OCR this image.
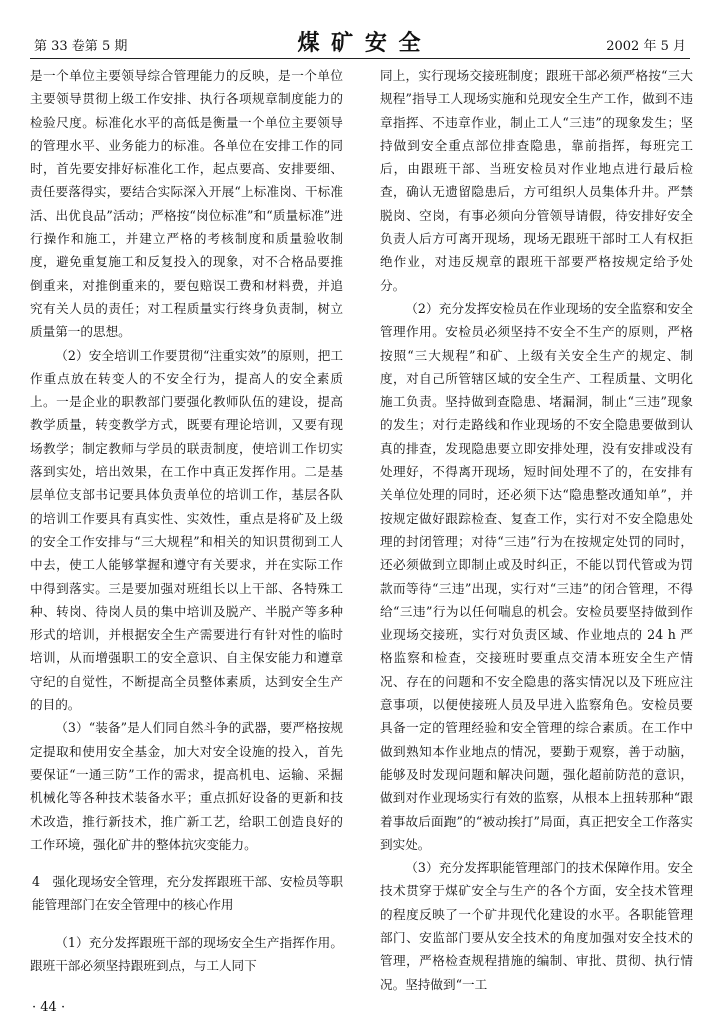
第 33 卷第 5 期	煤 矿 安 全	2002 年 5 月

是一个单位主要领导综合管理能力的反映，是一个单位主要领导贯彻上级工作安排、执行各项规章制度能力的检验尺度。标准化水平的高低是衡量一个单位主要领导的管理水平、业务能力的标准。各单位在安排工作的同时，首先要安排好标准化工作，起点要高、安排要细、责任要落得实，要结合实际深入开展“上标准岗、干标准活、出优良品”活动；严格按“岗位标准”和“质量标准”进行操作和施工，并建立严格的考核制度和质量验收制度，避免重复施工和反复投入的现象，对不合格品要推倒重来，对推倒重来的，要包赔误工费和材料费，并追究有关人员的责任；对工程质量实行终身负责制，树立质量第一的思想。

（2）安全培训工作要贯彻“注重实效”的原则，把工作重点放在转变人的不安全行为，提高人的安全素质上。一是企业的职教部门要强化教师队伍的建设，提高教学质量，转变教学方式，既要有理论培训，又要有现场教学；制定教师与学员的联责制度，使培训工作切实落到实处，培出效果，在工作中真正发挥作用。二是基层单位支部书记要具体负责单位的培训工作，基层各队的培训工作要具有真实性、实效性，重点是将矿及上级的安全工作安排与“三大规程”和相关的知识贯彻到工人中去，使工人能够掌握和遵守有关要求，并在实际工作中得到落实。三是要加强对班组长以上干部、各特殊工种、转岗、待岗人员的集中培训及脱产、半脱产等多种形式的培训，并根据安全生产需要进行有针对性的临时培训，从而增强职工的安全意识、自主保安能力和遵章守纪的自觉性，不断提高全员整体素质，达到安全生产的目的。

（3）“装备”是人们同自然斗争的武器，要严格按规定提取和使用安全基金，加大对安全设施的投入，首先要保证“一通三防”工作的需求，提高机电、运输、采掘机械化等各种技术装备水平；重点抓好设备的更新和技术改造，推行新技术，推广新工艺，给职工创造良好的工作环境，强化矿井的整体抗灾变能力。

4　强化现场安全管理，充分发挥跟班干部、安检员等职能管理部门在安全管理中的核心作用

（1）充分发挥跟班干部的现场安全生产指挥作用。跟班干部必须坚持跟班到点，与工人同下

同上，实行现场交接班制度；跟班干部必须严格按“三大规程”指导工人现场实施和兑现安全生产工作，做到不违章指挥、不违章作业，制止工人“三违”的现象发生；坚持做到安全重点部位排查隐患，靠前指挥，每班完工后，由跟班干部、当班安检员对作业地点进行最后检查，确认无遗留隐患后，方可组织人员集体升井。严禁脱岗、空岗，有事必须向分管领导请假，待安排好安全负责人后方可离开现场，现场无跟班干部时工人有权拒绝作业，对违反规章的跟班干部要严格按规定给予处分。

（2）充分发挥安检员在作业现场的安全监察和安全管理作用。安检员必须坚持不安全不生产的原则，严格按照“三大规程”和矿、上级有关安全生产的规定、制度，对自己所管辖区域的安全生产、工程质量、文明化施工负责。坚持做到查隐患、堵漏洞，制止“三违”现象的发生；对行走路线和作业现场的不安全隐患要做到认真的排查，发现隐患要立即安排处理，没有安排或没有处理好，不得离开现场，短时间处理不了的，在安排有关单位处理的同时，还必须下达“隐患整改通知单”，并按规定做好跟踪检查、复查工作，实行对不安全隐患处理的封闭管理；对待“三违”行为在按规定处罚的同时，还必须做到立即制止或及时纠正，不能以罚代管或为罚款而等待“三违”出现，实行对“三违”的闭合管理，不得给“三违”行为以任何喘息的机会。安检员要坚持做到作业现场交接班，实行对负责区域、作业地点的 24 h 严格监察和检查，交接班时要重点交清本班安全生产情况、存在的问题和不安全隐患的落实情况以及下班应注意事项，以便使接班人员及早进入监察角色。安检员要具备一定的管理经验和安全管理的综合素质。在工作中做到熟知本作业地点的情况，要勤于观察，善于动脑，能够及时发现问题和解决问题，强化超前防范的意识，做到对作业现场实行有效的监察，从根本上扭转那种“跟着事故后面跑”的“被动挨打”局面，真正把安全工作落实到实处。

（3）充分发挥职能管理部门的技术保障作用。安全技术贯穿于煤矿安全与生产的各个方面，安全技术管理的程度反映了一个矿井现代化建设的水平。各职能管理部门、安监部门要从安全技术的角度加强对安全技术的管理，严格检查规程措施的编制、审批、贯彻、执行情况。坚持做到“一工

· 44 ·
